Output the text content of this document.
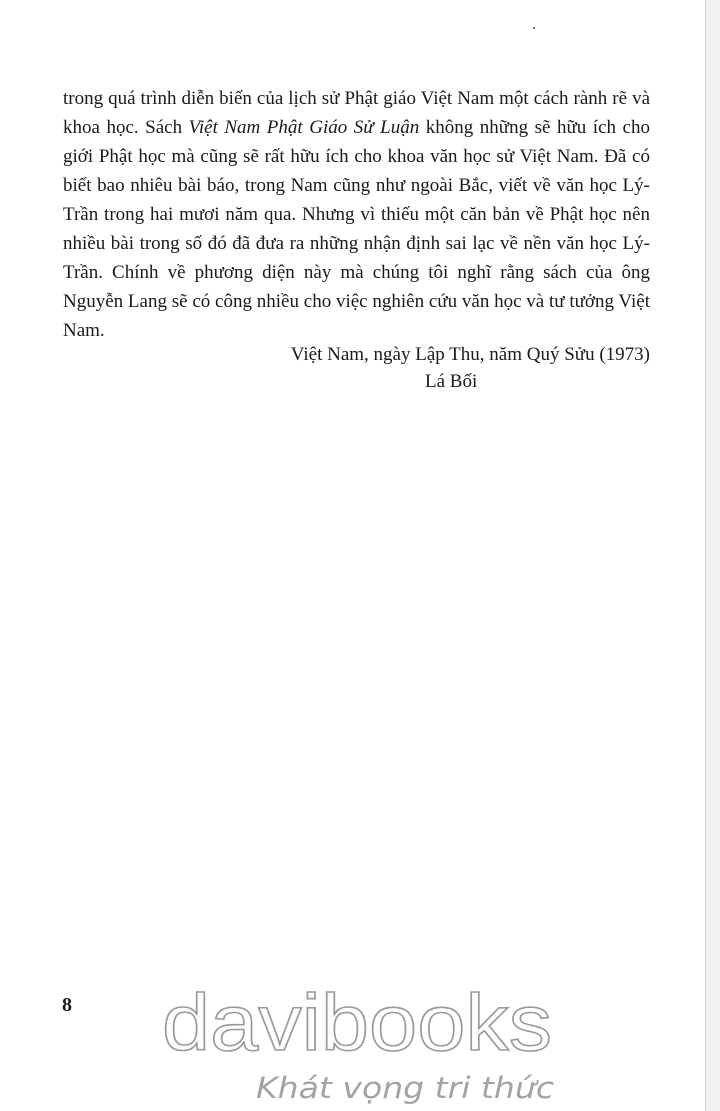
trong quá trình diễn biến của lịch sử Phật giáo Việt Nam một cách rành rẽ và khoa học. Sách Việt Nam Phật Giáo Sử Luận không những sẽ hữu ích cho giới Phật học mà cũng sẽ rất hữu ích cho khoa văn học sử Việt Nam. Đã có biết bao nhiêu bài báo, trong Nam cũng như ngoài Bắc, viết về văn học Lý-Trần trong hai mươi năm qua. Nhưng vì thiếu một căn bản về Phật học nên nhiều bài trong số đó đã đưa ra những nhận định sai lạc về nền văn học Lý-Trần. Chính về phương diện này mà chúng tôi nghĩ rằng sách của ông Nguyễn Lang sẽ có công nhiều cho việc nghiên cứu văn học và tư tưởng Việt Nam.

Việt Nam, ngày Lập Thu, năm Quý Sửu (1973)
Lá Bối
8 davibooks
Khát vọng tri thức
